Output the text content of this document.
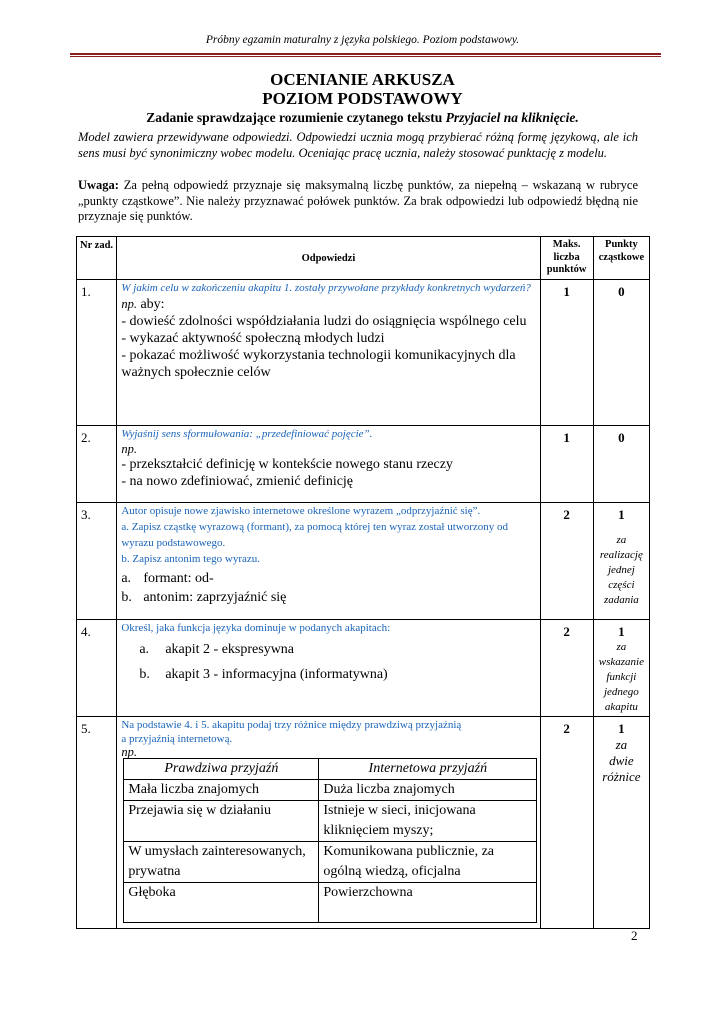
Próbny egzamin maturalny z języka polskiego. Poziom podstawowy.
OCENIANIE ARKUSZA
POZIOM PODSTAWOWY
Zadanie sprawdzające rozumienie czytanego tekstu Przyjaciel na kliknięcie.
Model zawiera przewidywane odpowiedzi. Odpowiedzi ucznia mogą przybierać różną formę językową, ale ich sens musi być synonimiczny wobec modelu. Oceniając pracę ucznia, należy stosować punktację z modelu.
Uwaga: Za pełną odpowiedź przyznaje się maksymalną liczbę punktów, za niepełną – wskazaną w rubryce „punkty cząstkowe”. Nie należy przyznawać połówek punktów. Za brak odpowiedzi lub odpowiedź błędną nie przyznaje się punktów.
Nr zad.	Odpowiedzi	Maks. liczba punktów	Punkty cząstkowe
1.	W jakim celu w zakończeniu akapitu 1. zostały przywołane przykłady konkretnych wydarzeń?
np. aby:
- dowieść zdolności współdziałania ludzi do osiągnięcia wspólnego celu
- wykazać aktywność społeczną młodych ludzi
- pokazać możliwość wykorzystania technologii komunikacyjnych dla ważnych społecznie celów
	1	0
2.	Wyjaśnij sens sformułowania: „przedefiniować pojęcie”.
np.
- przekształcić definicję w kontekście nowego stanu rzeczy
- na nowo zdefiniować, zmienić definicję
	1	0
3.	Autor opisuje nowe zjawisko internetowe określone wyrazem „odprzyjaźnić się”.
a. Zapisz cząstkę wyrazową (formant), za pomocą której ten wyraz został utworzony od wyrazu podstawowego.
b. Zapisz antonim tego wyrazu.
a. formant: od-
b. antonim: zaprzyjaźnić się
	2	1
za realizację jednej części zadania

4.	Określ, jaka funkcja języka dominuje w podanych akapitach:
a.	akapit 2 - ekspresywna
b.	akapit 3 - informacyjna (informatywna)
	2	1
za wskazanie funkcji jednego akapitu

5.	Na podstawie 4. i 5. akapitu podaj trzy różnice między prawdziwą przyjaźnią
a przyjaźnią internetową.
np.
Prawdziwa przyjaźń	Internetowa przyjaźń
Mała liczba znajomych	Duża liczba znajomych
Przejawia się w działaniu	Istnieje w sieci, inicjowana kliknięciem myszy;
W umysłach zainteresowanych, prywatna	Komunikowana publicznie, za ogólną wiedzą, oficjalna
Głęboka	Powierzchowna
	2	1
za dwie różnice
2
